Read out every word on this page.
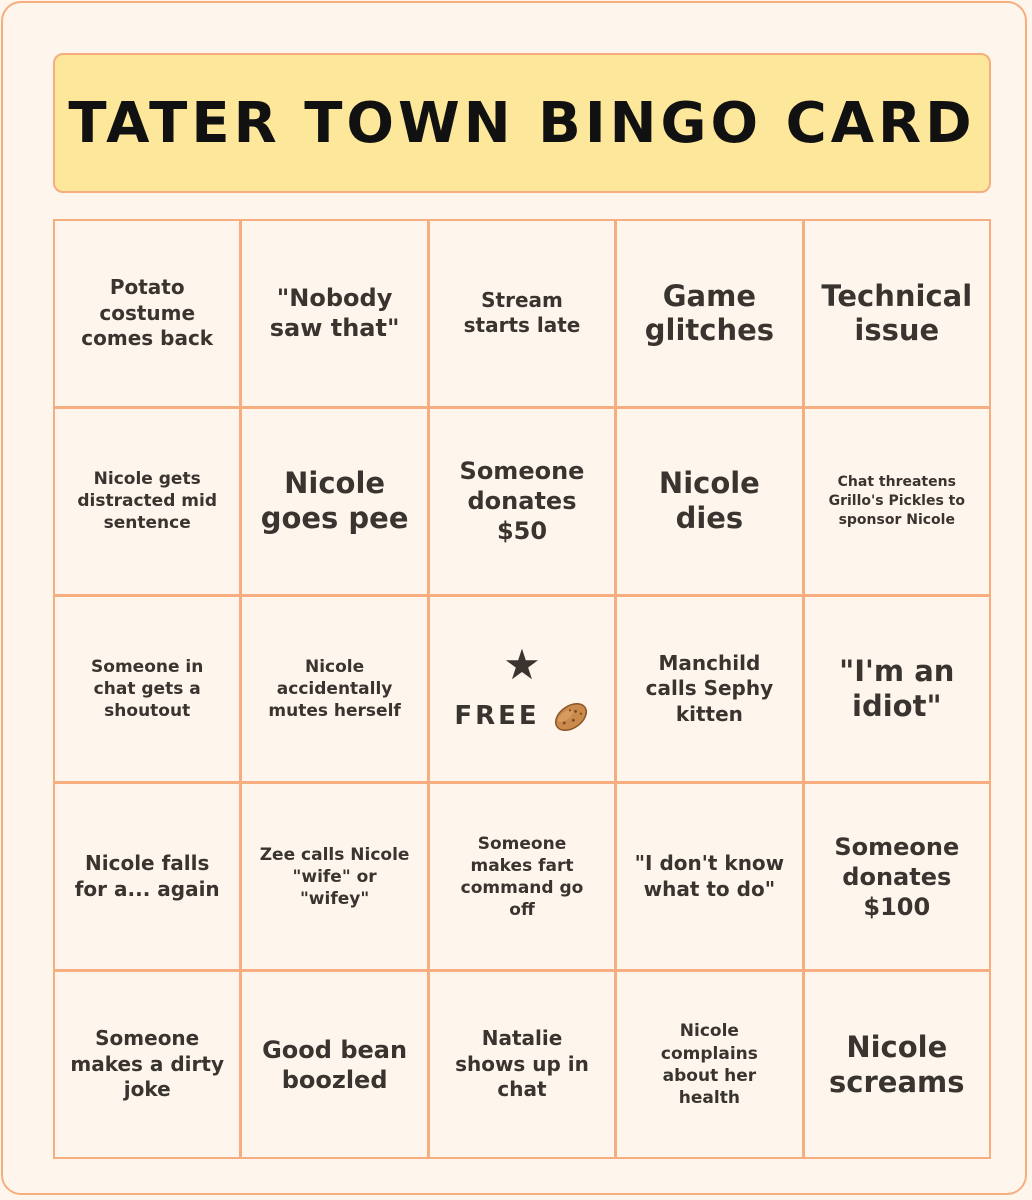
TATER TOWN BINGO CARD
Potato
costume
comes back
"Nobody
saw that"
Stream
starts late
Game
glitches
Technical
issue
Nicole gets
distracted mid
sentence
Nicole
goes pee
Someone
donates
$50
Nicole
dies
Chat threatens
Grillo's Pickles to
sponsor Nicole
Someone in
chat gets a
shoutout
Nicole
accidentally
mutes herself
★
FREE
Manchild
calls Sephy
kitten
"I'm an
idiot"
Nicole falls
for a... again
Zee calls Nicole
"wife" or "wifey"
Someone
makes fart
command go
off
"I don't know
what to do"
Someone
donates
$100
Someone
makes a dirty
joke
Good bean
boozled
Natalie
shows up in
chat
Nicole
complains
about her
health
Nicole
screams
